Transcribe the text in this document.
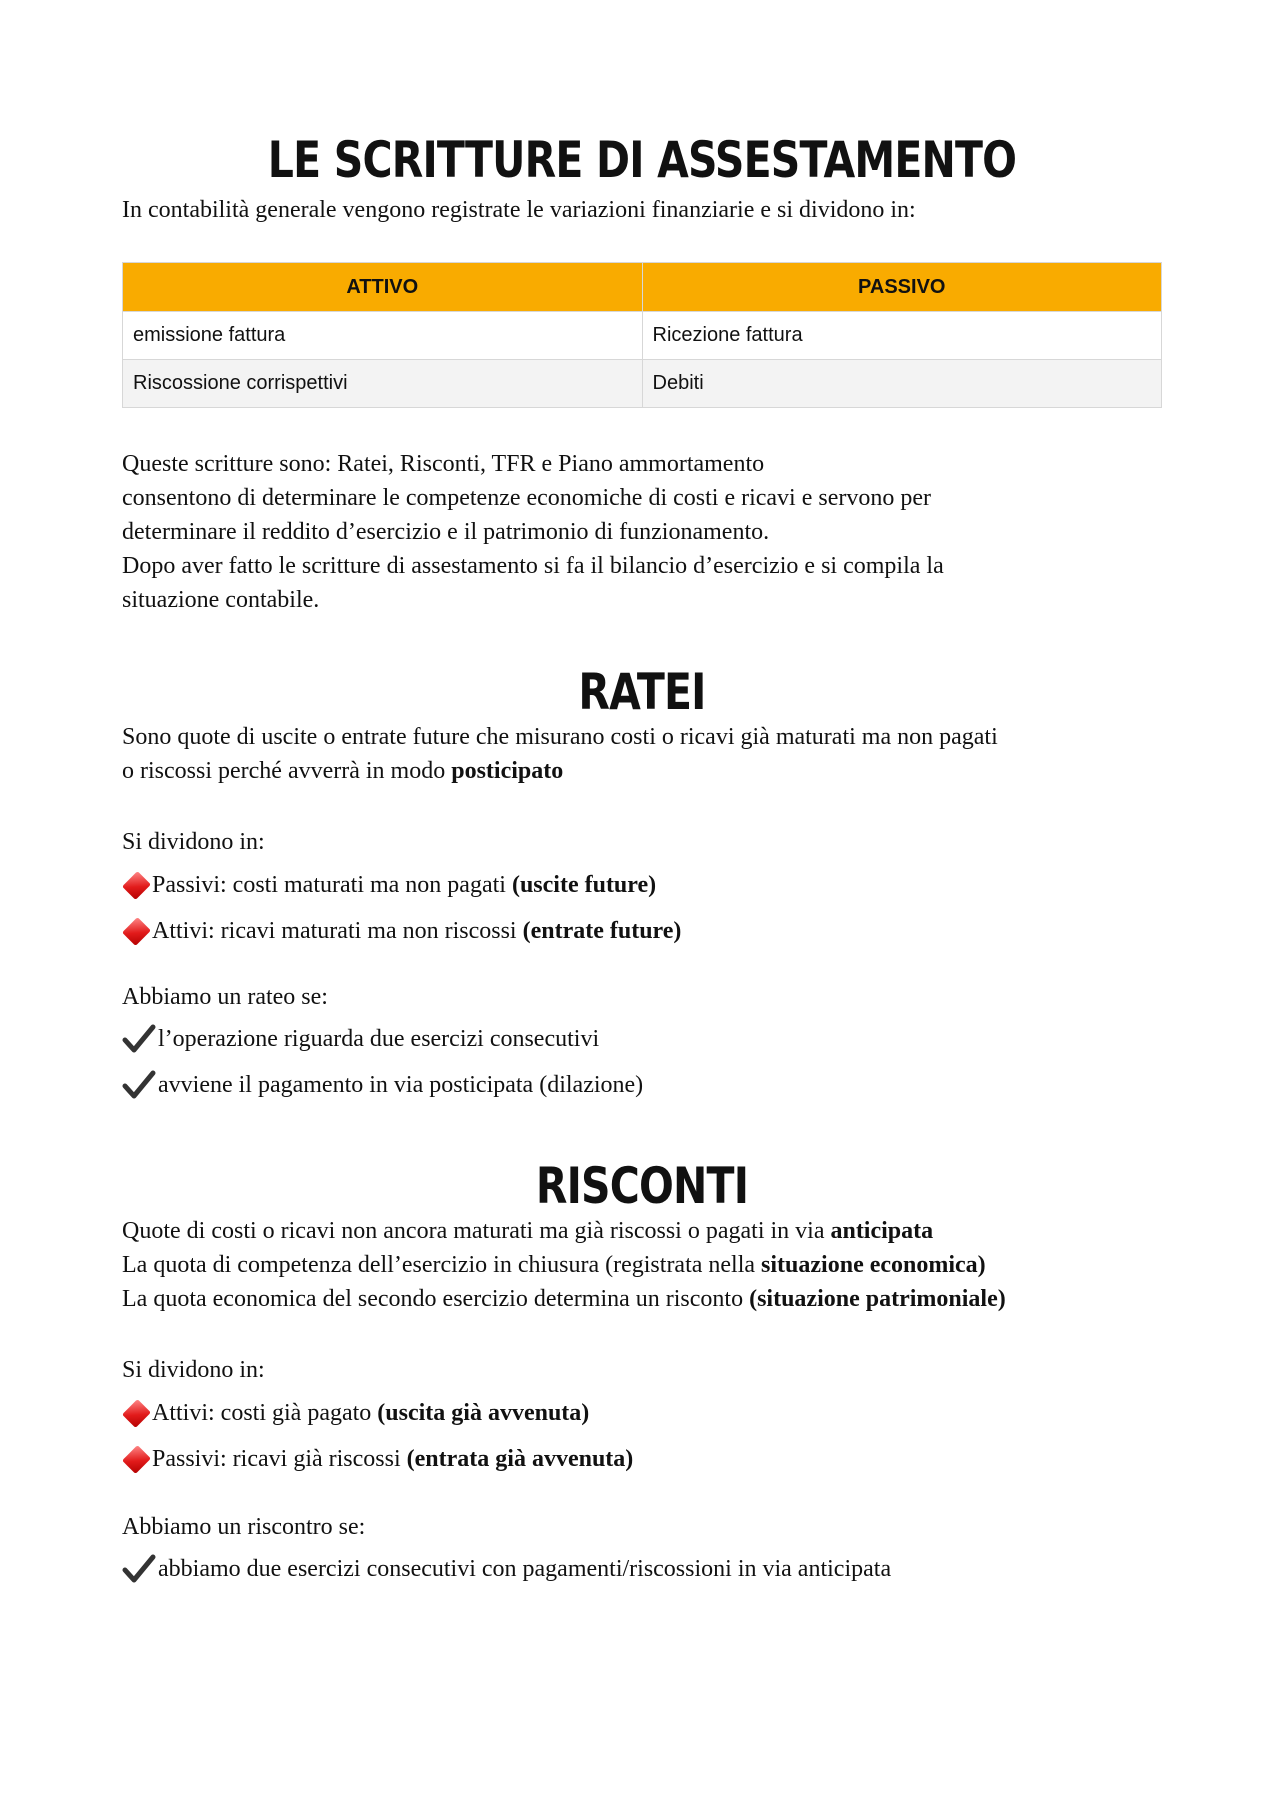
LE SCRITTURE DI ASSESTAMENTO

In contabilità generale vengono registrate le variazioni finanziarie e si dividono in:

ATTIVO	PASSIVO
emissione fattura	Ricezione fattura
Riscossione corrispettivi	Debiti
Queste scritture sono: Ratei, Risconti, TFR e Piano ammortamento
consentono di determinare le competenze economiche di costi e ricavi e servono per
determinare il reddito d’esercizio e il patrimonio di funzionamento.
Dopo aver fatto le scritture di assestamento si fa il bilancio d’esercizio e si compila la
situazione contabile.
RATEI
Sono quote di uscite o entrate future che misurano costi o ricavi già maturati ma non pagati
o riscossi perché avverrà in modo posticipato
Si dividono in:
Passivi: costi maturati ma non pagati (uscite future)
Attivi: ricavi maturati ma non riscossi (entrate future)
Abbiamo un rateo se:
l’operazione riguarda due esercizi consecutivi
avviene il pagamento in via posticipata (dilazione)
RISCONTI
Quote di costi o ricavi non ancora maturati ma già riscossi o pagati in via anticipata
La quota di competenza dell’esercizio in chiusura (registrata nella situazione economica)
La quota economica del secondo esercizio determina un risconto (situazione patrimoniale)
Si dividono in:
Attivi: costi già pagato (uscita già avvenuta)
Passivi: ricavi già riscossi (entrata già avvenuta)
Abbiamo un riscontro se:
abbiamo due esercizi consecutivi con pagamenti/riscossioni in via anticipata
